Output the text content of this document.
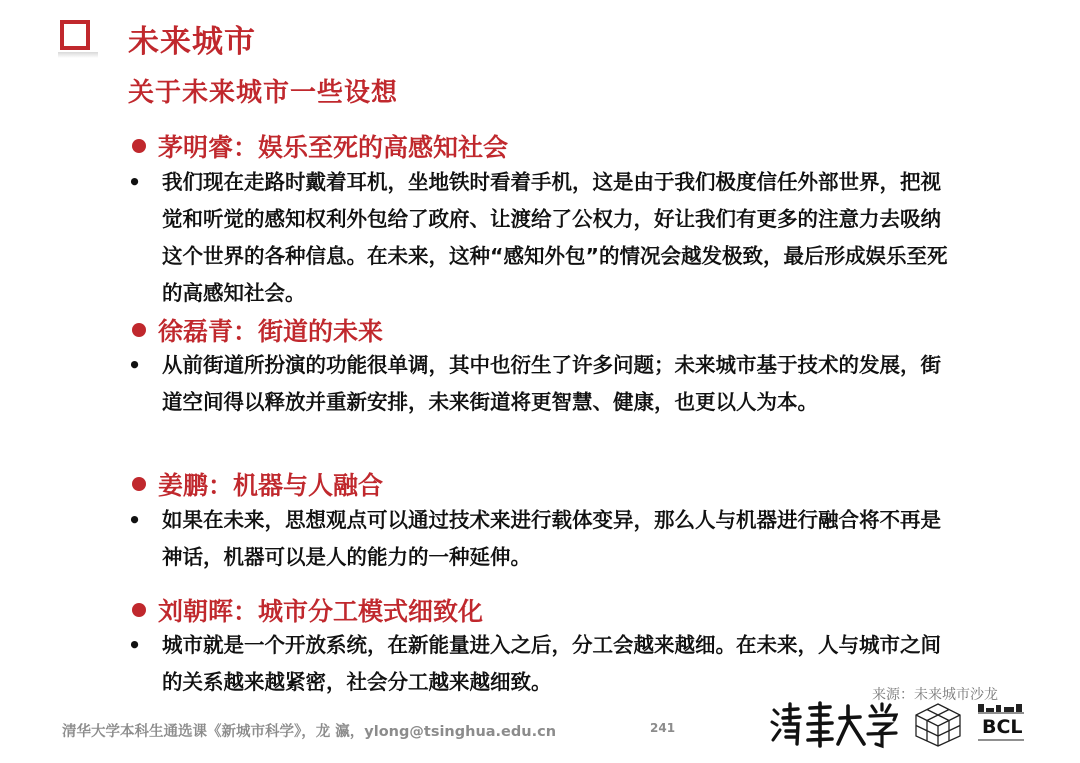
未来城市
关于未来城市一些设想
茅明睿：娱乐至死的高感知社会
•	我们现在走路时戴着耳机，坐地铁时看着手机，这是由于我们极度信任外部世界，把视觉和听觉的感知权利外包给了政府、让渡给了公权力，好让我们有更多的注意力去吸纳这个世界的各种信息。在未来，这种“感知外包”的情况会越发极致，最后形成娱乐至死的高感知社会。
徐磊青：街道的未来
•	从前街道所扮演的功能很单调，其中也衍生了许多问题；未来城市基于技术的发展，街道空间得以释放并重新安排，未来街道将更智慧、健康，也更以人为本。
姜鹏：机器与人融合
•	如果在未来，思想观点可以通过技术来进行载体变异，那么人与机器进行融合将不再是神话，机器可以是人的能力的一种延伸。
刘朝晖：城市分工模式细致化
•	城市就是一个开放系统，在新能量进入之后，分工会越来越细。在未来，人与城市之间的关系越来越紧密，社会分工越来越细致。
来源：未来城市沙龙
清华大学本科生通选课《新城市科学》，龙 瀛，ylong@tsinghua.edu.cn	241	BCL
